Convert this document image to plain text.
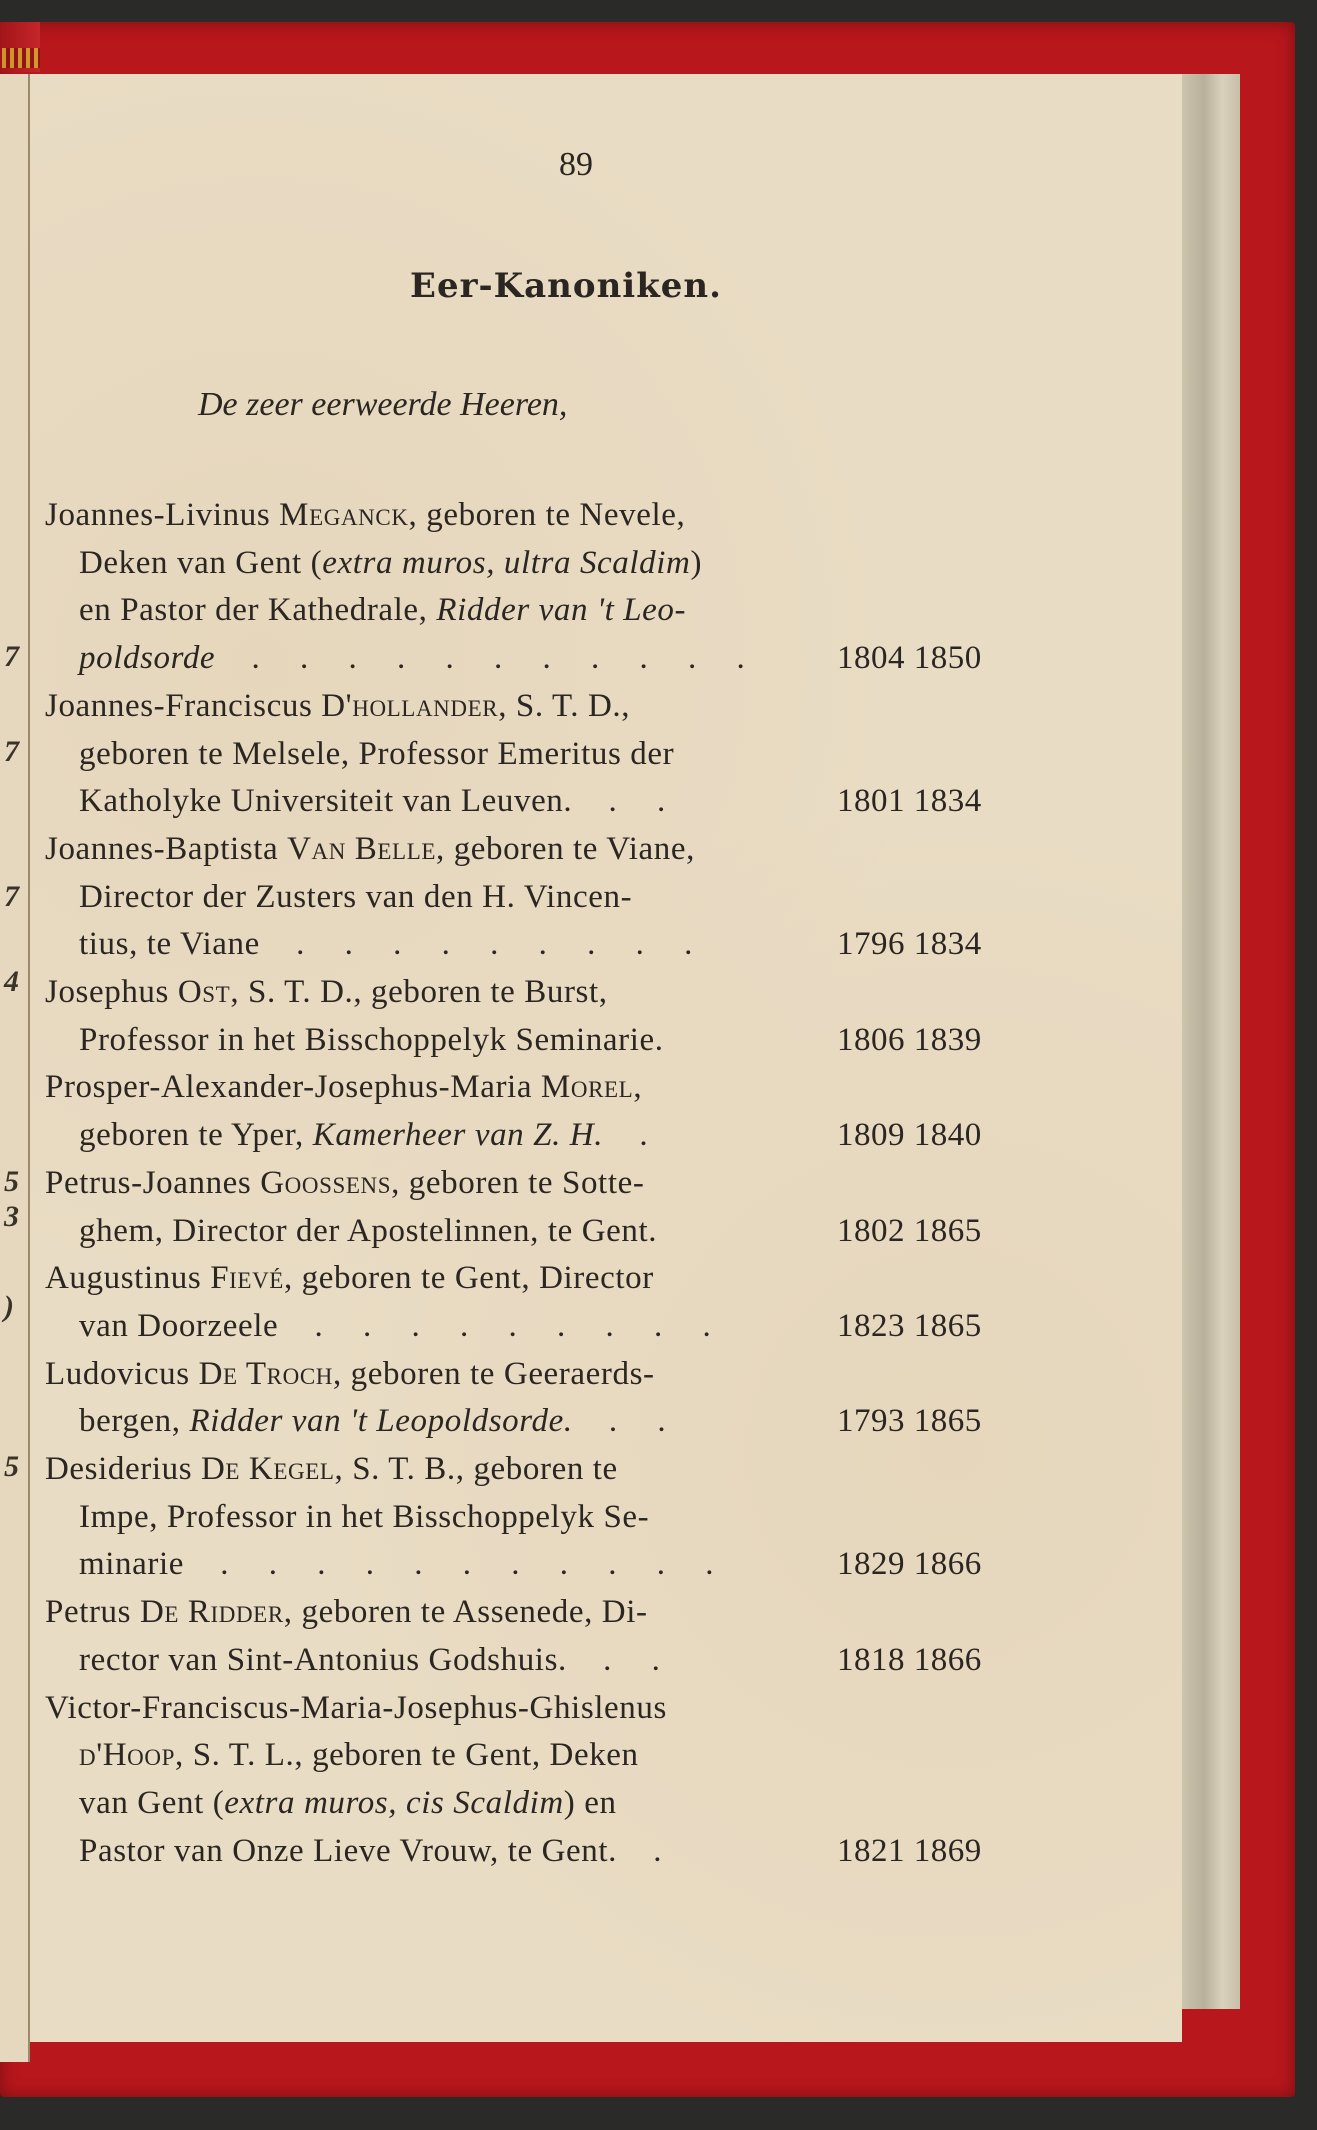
7
7
7
4
5
3
)
5
89
Eer-Kanoniken.
De zeer eerweerde Heeren,
Joannes-Livinus Meganck, geboren te Nevele,
Deken van Gent (extra muros, ultra Scaldim)
en Pastor der Kathedrale, Ridder van 't Leo-
poldsorde . . . . . . . . . . . 1804 1850
Joannes-Franciscus D'hollander, S. T. D.,
geboren te Melsele, Professor Emeritus der
Katholyke Universiteit van Leuven. . .	1801 1834
Joannes-Baptista Van Belle, geboren te Viane,
Director der Zusters van den H. Vincen-
tius, te Viane . . . . . . . . .	1796 1834
Josephus Ost, S. T. D., geboren te Burst,
Professor in het Bisschoppelyk Seminarie.	1806 1839
Prosper-Alexander-Josephus-Maria Morel,
geboren te Yper, Kamerheer van Z. H. .	1809 1840
Petrus-Joannes Goossens, geboren te Sotte-
ghem, Director der Apostelinnen, te Gent.	1802 1865
Augustinus Fievé, geboren te Gent, Director
van Doorzeele . . . . . . . . .	1823 1865
Ludovicus De Troch, geboren te Geeraerds-
bergen, Ridder van 't Leopoldsorde. . .	1793 1865
Desiderius De Kegel, S. T. B., geboren te
Impe, Professor in het Bisschoppelyk Se-
minarie . . . . . . . . . . .	1829 1866
Petrus De Ridder, geboren te Assenede, Di-
rector van Sint-Antonius Godshuis. . .	1818 1866
Victor-Franciscus-Maria-Josephus-Ghislenus
d'Hoop, S. T. L., geboren te Gent, Deken
van Gent (extra muros, cis Scaldim) en
Pastor van Onze Lieve Vrouw, te Gent. .	1821 1869
